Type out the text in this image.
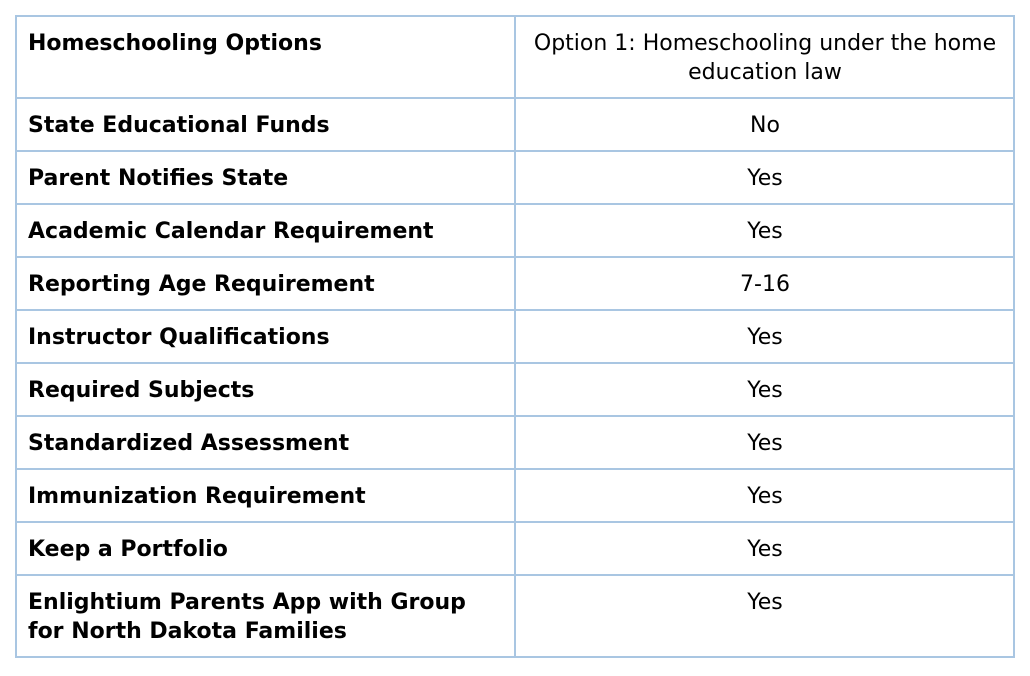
Homeschooling Options	Option 1: Homeschooling under the home education law
State Educational Funds	No
Parent Notifies State	Yes
Academic Calendar Requirement	Yes
Reporting Age Requirement	7-16
Instructor Qualifications	Yes
Required Subjects	Yes
Standardized Assessment	Yes
Immunization Requirement	Yes
Keep a Portfolio	Yes
Enlightium Parents App with Group for North Dakota Families	Yes
